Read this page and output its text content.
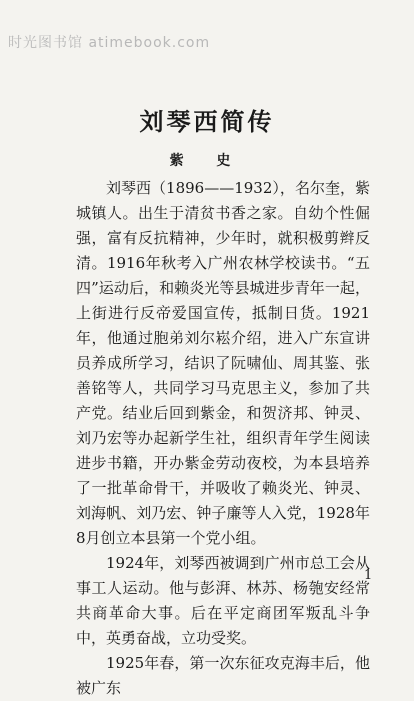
时光图书馆 atimebook.com
刘琴西简传
紫 史

刘琴西（1896——1932），名尔奎，紫城镇人。出生于清贫书香之家。自幼个性倔强，富有反抗精神，少年时，就积极剪辫反清。1916年秋考入广州农林学校读书。“五四”运动后，和赖炎光等县城进步青年一起，上街进行反帝爱国宣传，抵制日货。1921年，他通过胞弟刘尔崧介绍，进入广东宣讲员养成所学习，结识了阮啸仙、周其鉴、张善铭等人，共同学习马克思主义，参加了共产党。结业后回到紫金，和贺济邦、钟灵、刘乃宏等办起新学生社，组织青年学生阅读进步书籍，开办紫金劳动夜校，为本县培养了一批革命骨干，并吸收了赖炎光、钟灵、刘海帆、刘乃宏、钟子廉等人入党，1928年8月创立本县第一个党小组。

1924年，刘琴西被调到广州市总工会从事工人运动。他与彭湃、林苏、杨匏安经常共商革命大事。后在平定商团军叛乱斗争中，英勇奋战，立功受奖。

1925年春，第一次东征攻克海丰后，他被广东

1
